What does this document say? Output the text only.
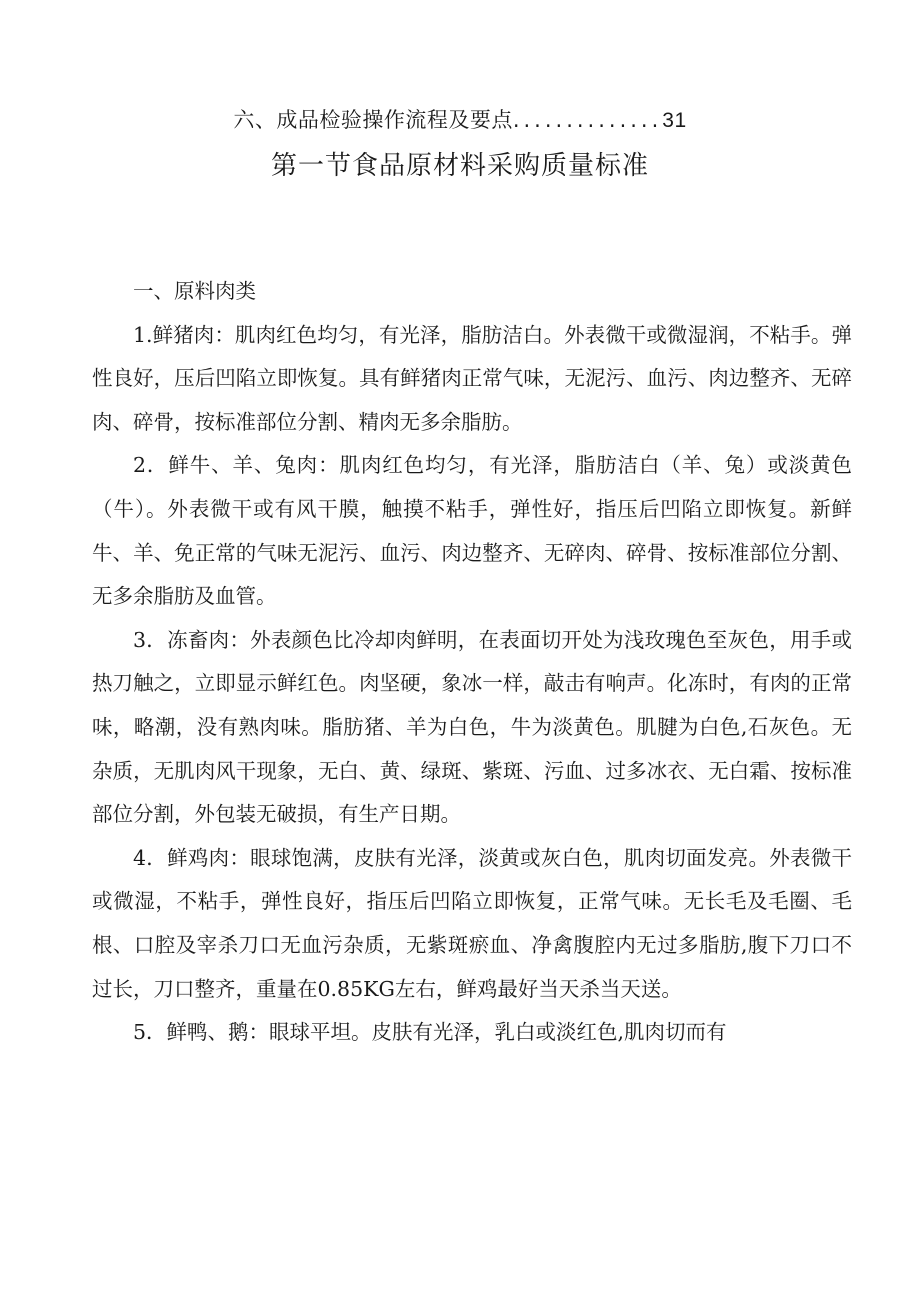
六、成品检验操作流程及要点..............31
第一节食品原材料采购质量标准

一、原料肉类

1.鲜猪肉：肌肉红色均匀，有光泽，脂肪洁白。外表微干或微湿润，不粘手。弹性良好，压后凹陷立即恢复。具有鲜猪肉正常气味，无泥污、血污、肉边整齐、无碎肉、碎骨，按标准部位分割、精肉无多余脂肪。

2．鲜牛、羊、兔肉：肌肉红色均匀，有光泽，脂肪洁白（羊、兔）或淡黄色（牛）。外表微干或有风干膜，触摸不粘手，弹性好，指压后凹陷立即恢复。新鲜牛、羊、免正常的气味无泥污、血污、肉边整齐、无碎肉、碎骨、按标准部位分割、无多余脂肪及血管。

3．冻畜肉：外表颜色比冷却肉鲜明，在表面切开处为浅玫瑰色至灰色，用手或热刀触之，立即显示鲜红色。肉坚硬，象冰一样，敲击有响声。化冻时，有肉的正常味，略潮，没有熟肉味。脂肪猪、羊为白色，牛为淡黄色。肌腱为白色,石灰色。无杂质，无肌肉风干现象，无白、黄、绿斑、紫斑、污血、过多冰衣、无白霜、按标准部位分割，外包装无破损，有生产日期。

4．鲜鸡肉：眼球饱满，皮肤有光泽，淡黄或灰白色，肌肉切面发亮。外表微干或微湿，不粘手，弹性良好，指压后凹陷立即恢复，正常气味。无长毛及毛圈、毛根、口腔及宰杀刀口无血污杂质，无紫斑瘀血、净禽腹腔内无过多脂肪,腹下刀口不过长，刀口整齐，重量在0.85KG左右，鲜鸡最好当天杀当天送。

5．鲜鸭、鹅：眼球平坦。皮肤有光泽，乳白或淡红色,肌肉切而有
